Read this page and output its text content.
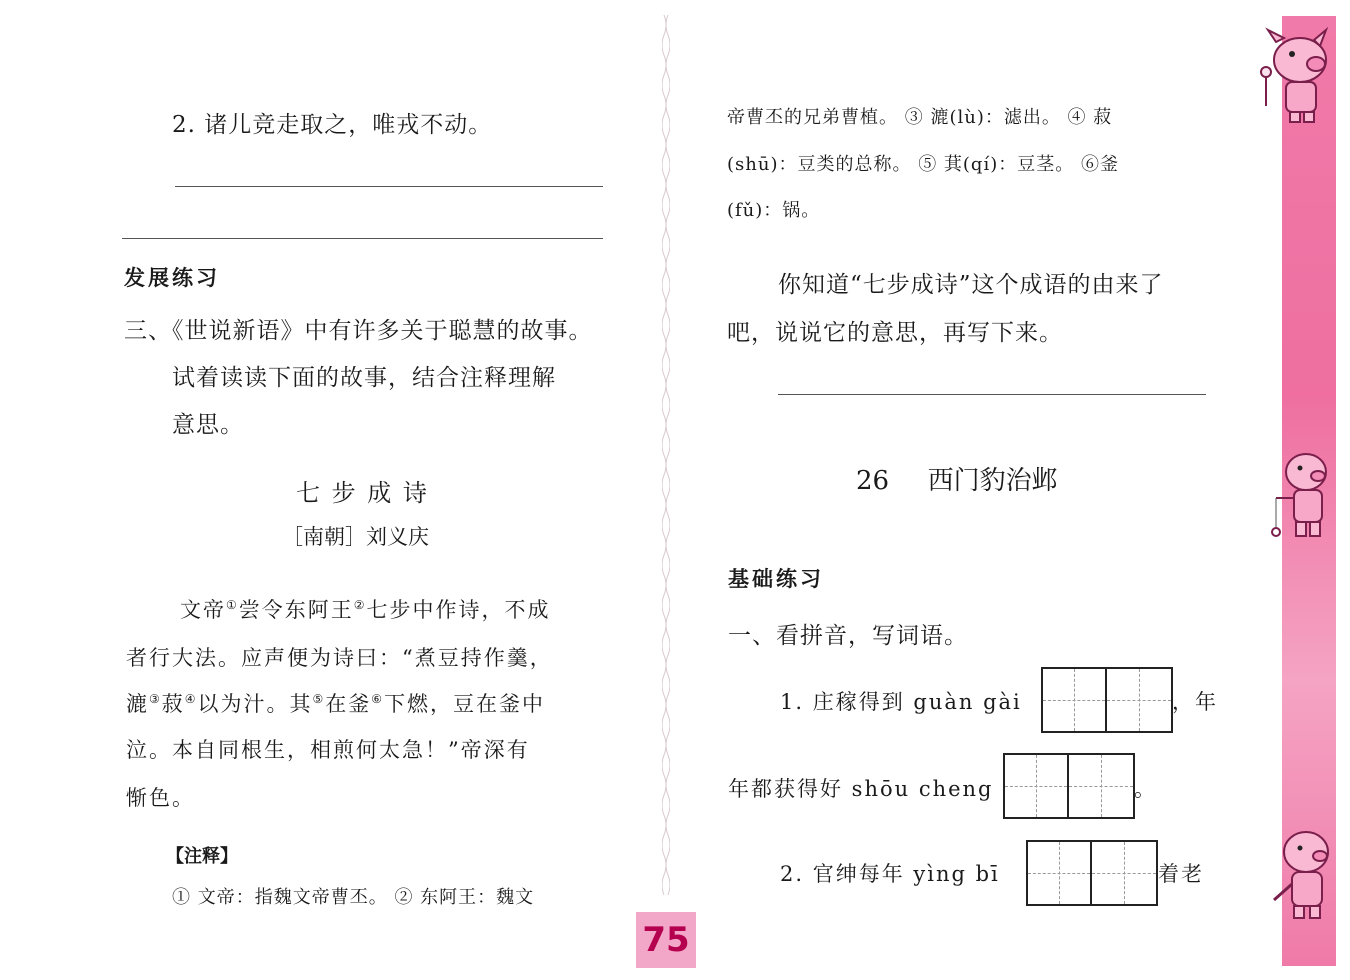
2. 诸儿竞走取之，唯戎不动。
发展练习
三、《世说新语》中有许多关于聪慧的故事。
试着读读下面的故事，结合注释理解
意思。
七 步 成 诗
［南朝］刘义庆
文帝①尝令东阿王②七步中作诗，不成
者行大法。应声便为诗曰：“煮豆持作羹，
漉③菽④以为汁。其⑤在釜⑥下燃，豆在釜中
泣。本自同根生，相煎何太急！”帝深有
惭色。
【注释】
① 文帝：指魏文帝曹丕。 ② 东阿王：魏文
75
帝曹丕的兄弟曹植。 ③ 漉(lù)：滤出。 ④ 菽
(shū)：豆类的总称。 ⑤ 萁(qí)：豆茎。 ⑥釜
(fǔ)：锅。
你知道“七步成诗”这个成语的由来了
吧，说说它的意思，再写下来。
26 西门豹治邺
基础练习
一、看拼音，写词语。
1. 庄稼得到 guàn gài	，年
年都获得好 shōu cheng	。
2. 官绅每年 yìng bī	着老
